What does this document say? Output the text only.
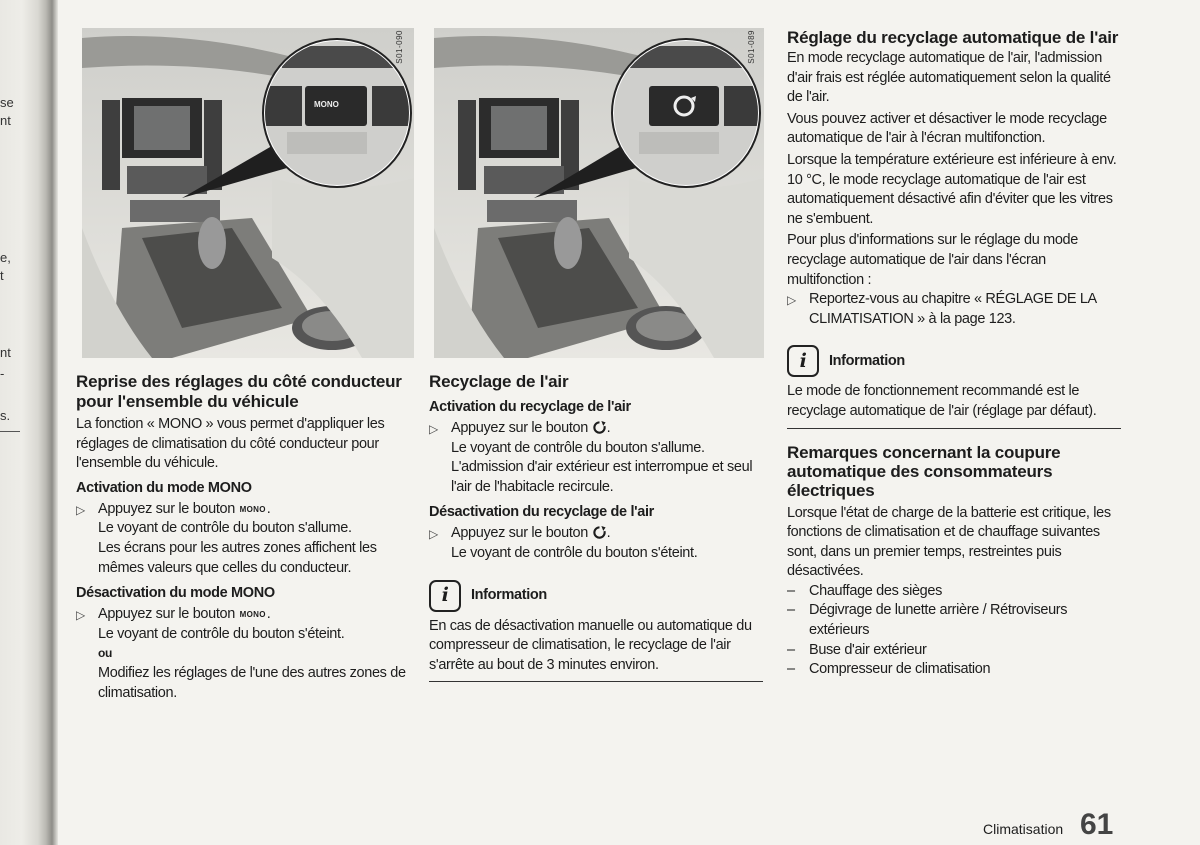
se
nt
e,
t
nt
-
s.
MONO
S01-090	S01-089
Reprise des réglages du côté conducteur pour l'ensemble du véhicule

La fonction « MONO » vous permet d'appliquer les réglages de climatisation du côté conducteur pour l'ensemble du véhicule.

Activation du mode MONO
▷ Appuyez sur le bouton MONO.

Le voyant de contrôle du bouton s'allume.

Les écrans pour les autres zones affichent les mêmes valeurs que celles du conducteur.

Désactivation du mode MONO
▷ Appuyez sur le bouton MONO.

Le voyant de contrôle du bouton s'éteint.

ou

Modifiez les réglages de l'une des autres zones de climatisation.

Recyclage de l'air
Activation du recyclage de l'air
▷ Appuyez sur le bouton .

Le voyant de contrôle du bouton s'allume.

L'admission d'air extérieur est interrompue et seul l'air de l'habitacle recircule.

Désactivation du recyclage de l'air
▷ Appuyez sur le bouton .

Le voyant de contrôle du bouton s'éteint.

i	Information

En cas de désactivation manuelle ou automatique du compresseur de climatisation, le recyclage de l'air s'arrête au bout de 3 minutes environ.

Réglage du recyclage automatique de l'air

En mode recyclage automatique de l'air, l'admission d'air frais est réglée automatiquement selon la qualité de l'air.

Vous pouvez activer et désactiver le mode recyclage automatique de l'air à l'écran multifonction.

Lorsque la température extérieure est inférieure à env. 10 °C, le mode recyclage automatique de l'air est automatiquement désactivé afin d'éviter que les vitres ne s'embuent.

Pour plus d'informations sur le réglage du mode recyclage automatique de l'air dans l'écran multifonction :

▷ Reportez-vous au chapitre « RÉGLAGE DE LA CLIMATISATION » à la page 123.

i	Information

Le mode de fonctionnement recommandé est le recyclage automatique de l'air (réglage par défaut).

Remarques concernant la coupure automatique des consommateurs électriques

Lorsque l'état de charge de la batterie est critique, les fonctions de climatisation et de chauffage suivantes sont, dans un premier temps, restreintes puis désactivées.

– Chauffage des sièges
– Dégivrage de lunette arrière / Rétroviseurs extérieurs
– Buse d'air extérieur
– Compresseur de climatisation
Climatisation 61
